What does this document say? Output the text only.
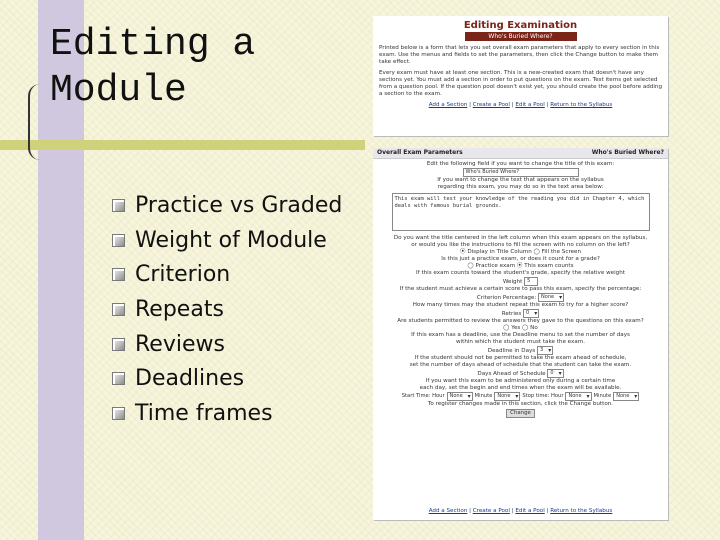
Editing a
Module
Practice vs Graded
Weight of Module
Criterion
Repeats
Reviews
Deadlines
Time frames
Editing Examination
Who's Buried Where?

Printed below is a form that lets you set overall exam parameters that apply to every section in this exam. Use the menus and fields to set the parameters, then click the Change button to make them take effect.

Every exam must have at least one section. This is a new-created exam that doesn't have any sections yet. You must add a section in order to put questions on the exam. Test items get selected from a question pool. If the question pool doesn't exist yet, you should create the pool before adding a section to the exam.

Add a Section | Create a Pool | Edit a Pool | Return to the Syllabus
Overall Exam Parameters	Who's Buried Where?

Edit the following field if you want to change the title of this exam:

Who's Buried Where?

If you want to change the text that appears on the syllabus

regarding this exam, you may do so in the text area below:

This exam will test your knowledge of the reading you did in Chapter 4, which deals with famous burial grounds.

Do you want the title centered in the left column when this exam appears on the syllabus,

or would you like the instructions to fill the screen with no column on the left?

⦿ Display in Title Column ◯ Fill the Screen

Is this just a practice exam, or does it count for a grade?

◯ Practice exam ⦿ This exam counts

If this exam counts toward the student's grade, specify the relative weight

Weight 5

If the student must achieve a certain score to pass this exam, specify the percentage:

Criterion Percentage: None ▾

How many times may the student repeat this exam to try for a higher score?

Retries 0 ▾

Are students permitted to review the answers they gave to the questions on this exam?

◯ Yes ◯ No

If this exam has a deadline, use the Deadline menu to set the number of days

within which the student must take the exam.

Deadline in Days 3 ▾

If the student should not be permitted to take the exam ahead of schedule,

set the number of days ahead of schedule that the student can take the exam.

Days Ahead of Schedule 0 ▾

If you want this exam to be administered only during a certain time

each day, set the begin and end times when the exam will be available.

Start Time: Hour	None ▾	Minute	None ▾	Stop time: Hour	None ▾	Minute	None ▾

To register changes made in this section, click the Change button.

Change
Add a Section | Create a Pool | Edit a Pool | Return to the Syllabus
